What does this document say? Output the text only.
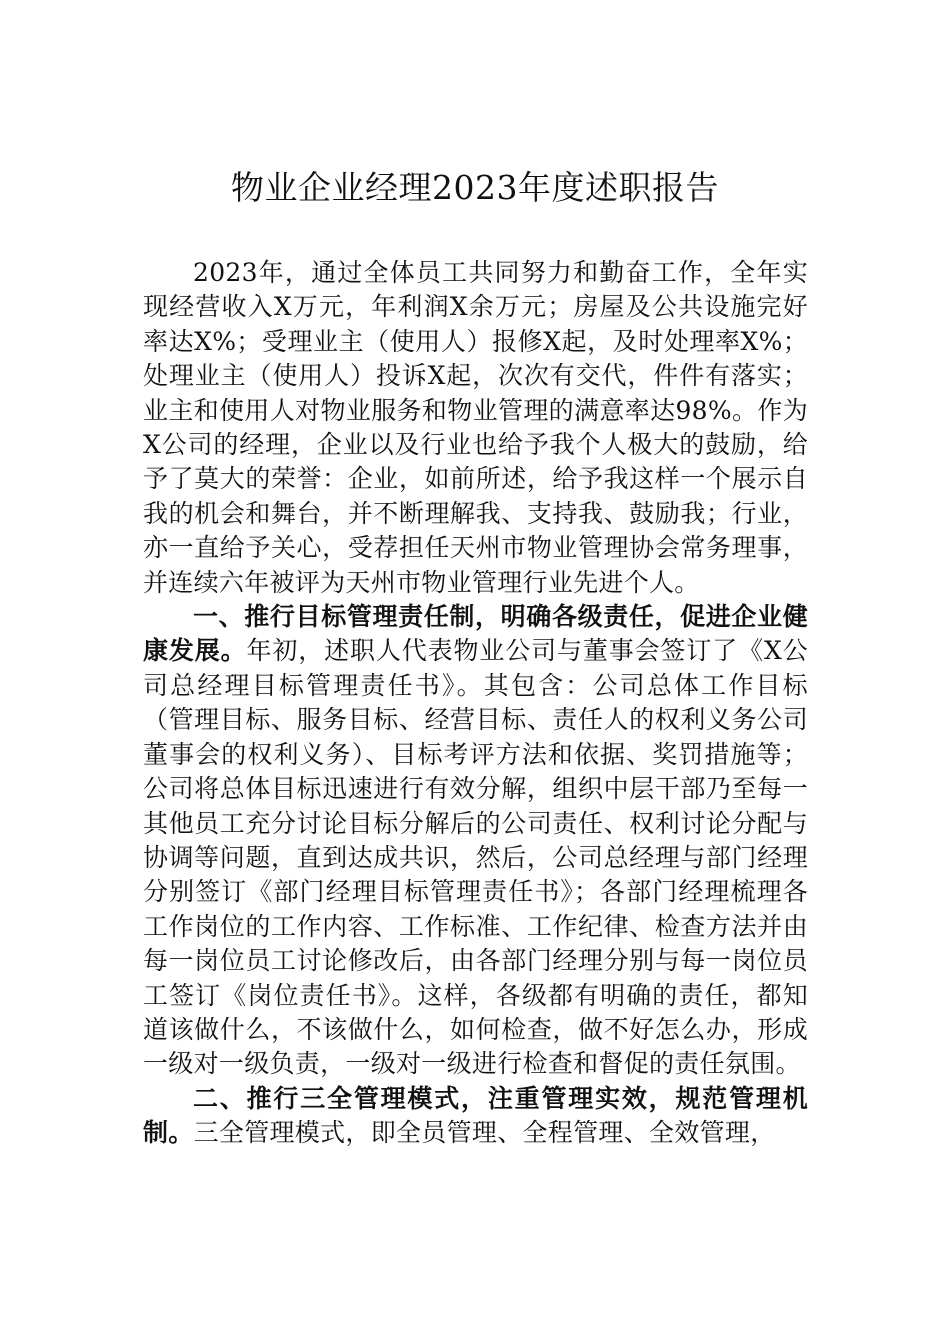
物业企业经理2023年度述职报告

2023年，通过全体员工共同努力和勤奋工作，全年实现经营收入X万元，年利润X余万元；房屋及公共设施完好率达X%；受理业主（使用人）报修X起，及时处理率X%；处理业主（使用人）投诉X起，次次有交代，件件有落实；业主和使用人对物业服务和物业管理的满意率达98%。作为X公司的经理，企业以及行业也给予我个人极大的鼓励，给予了莫大的荣誉：企业，如前所述，给予我这样一个展示自我的机会和舞台，并不断理解我、支持我、鼓励我；行业，亦一直给予关心，受荐担任天州市物业管理协会常务理事，并连续六年被评为天州市物业管理行业先进个人。

一、推行目标管理责任制，明确各级责任，促进企业健康发展。年初，述职人代表物业公司与董事会签订了《X公司总经理目标管理责任书》。其包含：公司总体工作目标（管理目标、服务目标、经营目标、责任人的权利义务公司董事会的权利义务）、目标考评方法和依据、奖罚措施等；公司将总体目标迅速进行有效分解，组织中层干部乃至每一其他员工充分讨论目标分解后的公司责任、权利讨论分配与协调等问题，直到达成共识，然后，公司总经理与部门经理分别签订《部门经理目标管理责任书》；各部门经理梳理各工作岗位的工作内容、工作标准、工作纪律、检查方法并由每一岗位员工讨论修改后，由各部门经理分别与每一岗位员工签订《岗位责任书》。这样，各级都有明确的责任，都知道该做什么，不该做什么，如何检查，做不好怎么办，形成一级对一级负责，一级对一级进行检查和督促的责任氛围。

二、推行三全管理模式，注重管理实效，规范管理机制。三全管理模式，即全员管理、全程管理、全效管理，
